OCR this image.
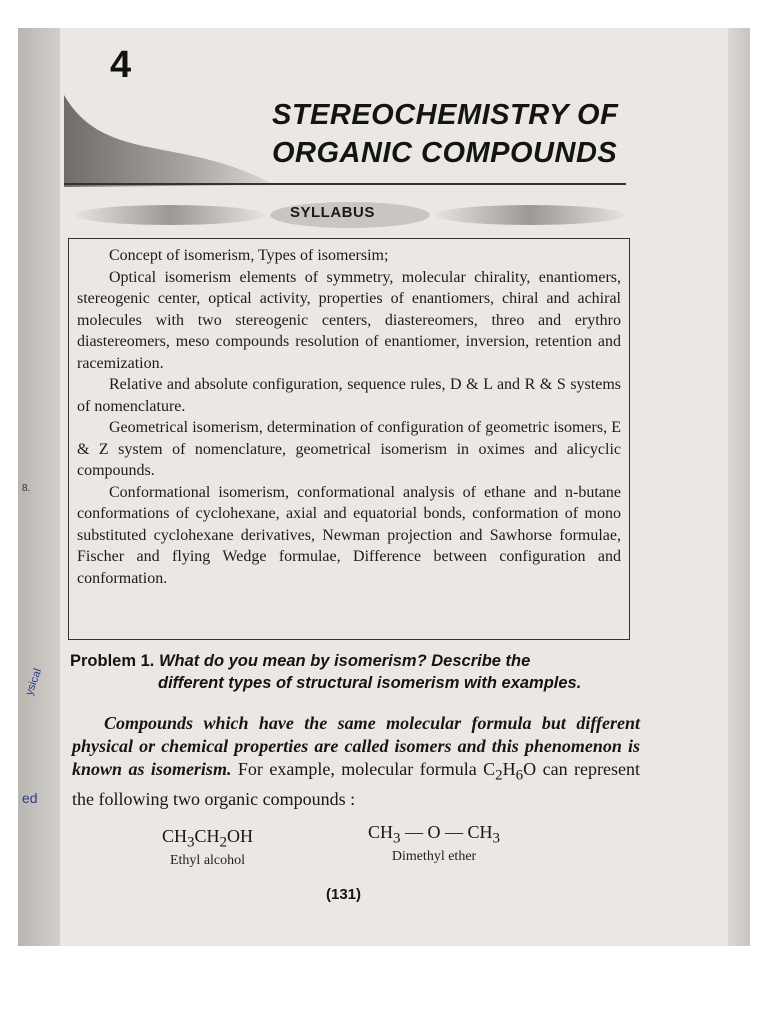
8.
ysical
ed
4
STEREOCHEMISTRY OF
ORGANIC COMPOUNDS
SYLLABUS

Concept of isomerism, Types of isomersim;

Optical isomerism elements of symmetry, molecular chirality, enantiomers, stereogenic center, optical activity, properties of enantiomers, chiral and achiral molecules with two stereogenic centers, diastereomers, threo and erythro diastereomers, meso compounds resolution of enantiomer, inversion, retention and racemization.

Relative and absolute configuration, sequence rules, D & L and R & S systems of nomenclature.

Geometrical isomerism, determination of configuration of geometric isomers, E & Z system of nomenclature, geometrical isomerism in oximes and alicyclic compounds.

Conformational isomerism, conformational analysis of ethane and n-butane conformations of cyclohexane, axial and equatorial bonds, conformation of mono substituted cyclohexane derivatives, Newman projection and Sawhorse formulae, Fischer and flying Wedge formulae, Difference between configuration and conformation.

Problem 1. What do you mean by isomerism? Describe the
different types of structural isomerism with examples.
Compounds which have the same molecular formula but different physical or chemical properties are called isomers and this phenomenon is known as isomerism. For example, molecular formula $C_2H_6O$ can represent the following two organic compounds :
$CH_3CH_2OH$
Ethyl alcohol
$CH_3$ — O — $CH_3$
Dimethyl ether
(131)
